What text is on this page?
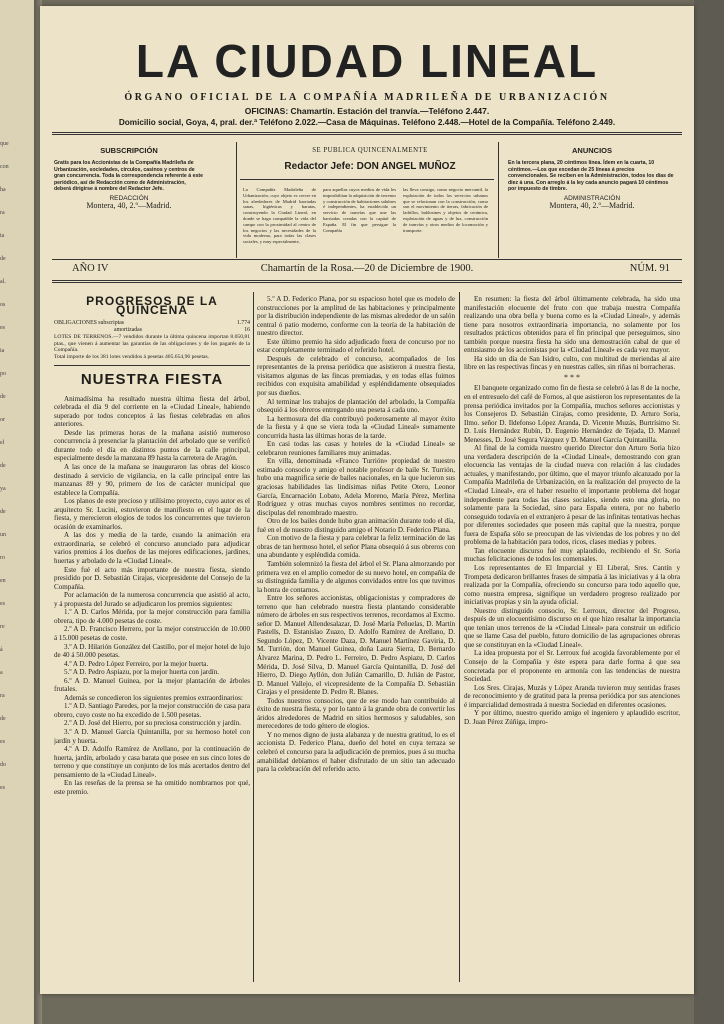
que
con
ha
ra
ta
de
al.
os
es
ia
po
de
or
el
de
ya
de
un
ro
en
es
re
á
a
ra
de
es
do
es
LA CIUDAD LINEAL
ÓRGANO OFICIAL DE LA COMPAÑÍA MADRILEÑA DE URBANIZACIÓN
OFICINAS: Chamartín. Estación del tranvía.—Teléfono 2.447.
Domicilio social, Goya, 4, pral. der.ª Teléfono 2.022.—Casa de Máquinas. Teléfono 2.448.—Hotel de la Compañía. Teléfono 2.449.
SUBSCRIPCIÓN
Gratis para los Accionistas de la Compañía Madrileña de Urbanización, sociedades, círculos, casinos y centros de gran concurrencia. Toda la correspondencia referente á este periódico, así de Redacción como de Administración, deberá dirigirse á nombre del Redactor Jefe.
REDACCIÓN
Montera, 40, 2.º—Madrid.
SE PUBLICA QUINCENALMENTE
Redactor Jefe: DON ANGEL MUÑOZ
La Compañía Madrileña de Urbanización, cuyo objeto es crecer en los alrededores de Madrid barriadas sanas, higiénicas y baratas, construyendo la Ciudad Lineal, en donde se haga compatible la vida del campo con la proximidad al centro de los negocios y las necesidades de la vida moderna, para todas las clases sociales, y muy especialmente,
para aquellas cuyos medios de vida les imposibilitan la adquisición de terrenos y construcción de habitaciones salubres é independientes, ha establecido un servicio de tranvías que une las barriadas creadas con la capital de España. El fin que persigue la Compañía
las lleva consigo, como negocio mercantil, la explotación de todos los servicios urbanos que se relacionan con la construcción, como son el movimiento de tierras, fabricación de ladrillos, baldosines y objetos de cerámica, explotación de aguas y de luz, construcción de tranvías y otros medios de locomoción y transporte.
ANUNCIOS
En la tercera plana, 20 céntimos línea. Ídem en la cuarta, 10 céntimos.—Los que excedan de 25 líneas á precios convencionales. Se reciben en la Administración, todos los días de diez á una. Con arreglo á la ley cada anuncio pagará 10 céntimos por impuesto de timbre.
ADMINISTRACIÓN
Montera, 40, 2.º—Madrid.
AÑO IV	Chamartín de la Rosa.—20 de Diciembre de 1900.	NÚM. 91
PROGRESOS DE LA QUINCENA
OBLIGACIONES subscriptas	1.774
amortizadas	16

LOTES DE TERRENOS.—7 vendidos durante la última quincena importan 8.050,81 ptas., que vienen á aumentar las garantías de las obligaciones y de los pagarés de la Compañía.

Total importe de los 381 lotes vendidos á pesetas 405.654,96 pesetas.

NUESTRA FIESTA

Animadísima ha resultado nuestra última fiesta del árbol, celebrada el día 9 del corriente en la «Ciudad Lineal», habiendo superado por todos conceptos á las fiestas celebradas en años anteriores.

Desde las primeras horas de la mañana asistió numeroso concurrencia á presenciar la plantación del arbolado que se verificó durante todo el día en distintos puntos de la calle principal, especialmente desde la manzana 89 hasta la carretera de Aragón.

A las once de la mañana se inauguraron las obras del kiosco destinado á servicio de vigilancia, en la calle principal entre las manzanas 89 y 90, primero de los de carácter municipal que establece la Compañía.

Los planos de este precioso y utilísimo proyecto, cuyo autor es el arquitecto Sr. Lucini, estuvieron de manifiesto en el lugar de la fiesta, y merecieron elogios de todos los concurrentes que tuvieron ocasión de examinarlos.

A las dos y media de la tarde, cuando la animación era extraordinaria, se celebró el concurso anunciado para adjudicar varios premios á los dueños de las mejores edificaciones, jardines, huertas y arbolado de la «Ciudad Lineal».

Este fué el acto más importante de nuestra fiesta, siendo presidido por D. Sebastián Cirajas, vicepresidente del Consejo de la Compañía.

Por aclamación de la numerosa concurrencia que asistió al acto, y á propuesta del Jurado se adjudicaron los premios siguientes:

1.º A D. Carlos Mérida, por la mejor construcción para familia obrera, tipo de 4.000 pesetas de coste.

2.º A D. Francisco Herrero, por la mejor construcción de 10.000 á 15.000 pesetas de coste.

3.º A D. Hilarión González del Castillo, por el mejor hotel de lujo de 40 á 50.000 pesetas.

4.º A D. Pedro López Ferreiro, por la mejor huerta.

5.º A D. Pedro Aspiazu, por la mejor huerta con jardín.

6.º A D. Manuel Guinea, por la mejor plantación de árboles frutales.

Además se concedieron los siguientes premios extraordinarios:

1.º A D. Santiago Paredes, por la mejor construcción de casa para obrero, cuyo coste no ha excedido de 1.500 pesetas.

2.º A D. José del Hierro, por su preciosa construcción y jardín.

3.º A D. Manuel García Quintanilla, por su hermoso hotel con jardín y huerta.

4.º A D. Adolfo Ramírez de Arellano, por la continuación de huerta, jardín, arbolado y casa barata que posee en sus cinco lotes de terreno y que constituye un conjunto de los más acertados dentro del pensamiento de la «Ciudad Lineal».

En las reseñas de la prensa se ha omitido nombrarnos por qué, este premio.

5.º A D. Federico Plana, por su espacioso hotel que es modelo de construcciones por la amplitud de las habitaciones y principalmente por la distribución independiente de las mismas alrededor de un salón central ó patio moderno, conforme con la teoría de la habitación de nuestro director.

Este último premio ha sido adjudicado fuera de concurso por no estar completamente terminado el referido hotel.

Después de celebrado el concurso, acompañados de los representantes de la prensa periódica que asistieron á nuestra fiesta, visitamos algunas de las fincas premiadas, y en todas ellas fuimos recibidos con exquisita amabilidad y espléndidamente obsequiados por sus dueños.

Al terminar los trabajos de plantación del arbolado, la Compañía obsequió á los obreros entregando una peseta á cada uno.

La hermosura del día contribuyó poderosamente al mayor éxito de la fiesta y á que se viera toda la «Ciudad Lineal» sumamente concurrida hasta las últimas horas de la tarde.

En casi todas las casas y hoteles de la «Ciudad Lineal» se celebraron reuniones familiares muy animadas.

En villa, denominada «Franco Turrión» propiedad de nuestro estimado consocio y amigo el notable profesor de baile Sr. Turrión, hubo una magnífica serie de bailes nacionales, en la que lucieron sus graciosas habilidades las lindísimas niñas Petite Otero, Leonor García, Encarnación Lobato, Adela Moreno, María Pérez, Merlina Rodríguez y otras muchas cuyos nombres sentimos no recordar, discípulas del renombrado maestro.

Otro de los bailes donde hubo gran animación durante todo el día, fué en el de nuestro distinguido amigo el Notario D. Federico Plana.

Con motivo de la fiesta y para celebrar la feliz terminación de las obras de tan hermoso hotel, el señor Plana obsequió á sus obreros con una abundante y espléndida comida.

También solemnizó la fiesta del árbol el Sr. Plana almorzando por primera vez en el amplio comedor de su nuevo hotel, en compañía de su distinguida familia y de algunos convidados entre los que tuvimos la honra de contarnos.

Entre los señores accionistas, obligacionistas y compradores de terreno que han celebrado nuestra fiesta plantando considerable número de árboles en sus respectivos terrenos, recordamos al Excmo. señor D. Manuel Allendesalazar, D. José María Peñuelas, D. Martín Pastells, D. Estanislao Zuazo, D. Adolfo Ramírez de Arellano, D. Segundo López, D. Vicente Daza, D. Manuel Martínez Gaviria, D. M. Turrión, don Manuel Guinea, doña Laura Sierra, D. Bernardo Álvarez Marina, D. Pedro L. Ferreiro, D. Pedro Aspiazu, D. Carlos Mérida, D. José Silva, D. Manuel García Quintanilla, D. José del Hierro, D. Diego Ayllón, don Julián Camarillo, D. Julián de Pastor, D. Manuel Vallejo, el vicepresidente de la Compañía D. Sebastián Cirajas y el presidente D. Pedro R. Blanes.

Todos nuestros consocios, que de ese modo han contribuido al éxito de nuestra fiesta, y por lo tanto á la grande obra de convertir los áridos alrededores de Madrid en sitios hermosos y saludables, son merecedores de todo género de elogios.

Y no menos digno de justa alabanza y de nuestra gratitud, lo es el accionista D. Federico Plana, dueño del hotel en cuya terraza se celebró el concurso para la adjudicación de premios, pues á su mucha amabilidad debíamos el haber disfrutado de un sitio tan adecuado para la celebración del referido acto.

En resumen: la fiesta del árbol últimamente celebrada, ha sido una manifestación elocuente del fruto con que trabaja nuestra Compañía realizando una obra bella y buena como es la «Ciudad Lineal», y además tiene para nosotros extraordinaria importancia, no solamente por los resultados prácticos obtenidos para el fin principal que perseguimos, sino también porque nuestra fiesta ha sido una demostración cabal de que el entusiasmo de los accionistas por la «Ciudad Lineal» es cada vez mayor.

Ha sido un día de San Isidro, culto, con multitud de meriendas al aire libre en las respectivas fincas y en nuestras calles, sin riñas ni borracheras.

* * *

El banquete organizado como fin de fiesta se celebró á las 8 de la noche, en el entresuelo del café de Fornos, al que asistieron los representantes de la prensa periódica invitados por la Compañía, muchos señores accionistas y los Consejeros D. Sebastián Cirajas, como presidente, D. Arturo Soria, Ilmo. señor D. Ildefonso López Aranda, D. Vicente Muzás, Burtrísimo Sr. D. Luis Hernández Rubín, D. Eugenio Hernández de Tejada, D. Manuel Menesses, D. José Segura Vázquez y D. Manuel García Quintanilla.

Al final de la comida nuestro querido Director don Arturo Soria hizo una verdadera descripción de la «Ciudad Lineal», demostrando con gran elocuencia las ventajas de la ciudad nueva con relación á las ciudades actuales, y manifestando, por último, que el mayor triunfo alcanzado por la Compañía Madrileña de Urbanización, en la realización del proyecto de la «Ciudad Lineal», era el haber resuelto el importante problema del hogar independiente para todas las clases sociales, siendo esto una gloria, no solamente para la Sociedad, sino para España entera, por no haberlo conseguido todavía en el extranjero á pesar de las infinitas tentativas hechas por diferentes sociedades que poseen más capital que la nuestra, porque fuera de España sólo se preocupan de las viviendas de los pobres y no del problema de la habitación para todos, ricos, clases medias y pobres.

Tan elocuente discurso fué muy aplaudido, recibiendo el Sr. Soria muchas felicitaciones de todos los comensales.

Los representantes de El Imparcial y El Liberal, Sres. Cantín y Trompeta dedicaron brillantes frases de simpatía á las iniciativas y á la obra realizada por la Compañía, ofreciendo su concurso para todo aquello que, como nuestra empresa, signifique un verdadero progreso realizado por iniciativas propias y sin la ayuda oficial.

Nuestro distinguido consocio, Sr. Lerroux, director del Progreso, después de un elocuentísimo discurso en el que hizo resaltar la importancia que tenían unos terrenos de la «Ciudad Lineal» para construir un edificio que se llame Casa del pueblo, futuro domicilio de las agrupaciones obreras que se constituyan en la «Ciudad Lineal».

La idea propuesta por el Sr. Lerroux fué acogida favorablemente por el Consejo de la Compañía y éste espera para darle forma á que sea concretada por el proponente en armonía con las tendencias de nuestra Sociedad.

Los Sres. Cirajas, Muzás y López Aranda tuvieron muy sentidas frases de reconocimiento y de gratitud para la prensa periódica por sus atenciones é imparcialidad demostrada á nuestra Sociedad en diferentes ocasiones.

Y por último, nuestro querido amigo el ingeniero y aplaudido escritor, D. Juan Pérez Zúñiga, impro-
